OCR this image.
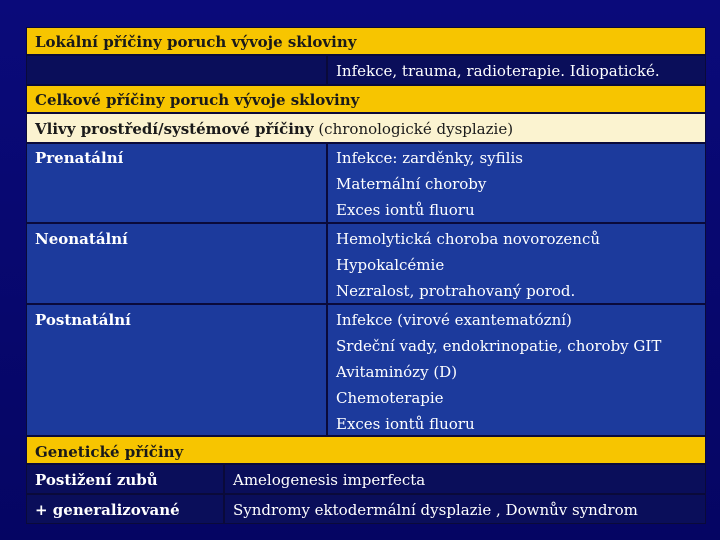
Lokální příčiny poruch vývoje skloviny
Infekce, trauma, radioterapie. Idiopatické.
Celkové příčiny poruch vývoje skloviny
Vlivy prostředí/systémové příčiny (chronologické dysplazie)
Prenatální	Infekce: zarděnky, syfilis
Maternální choroby
Exces iontů fluoru
Neonatální	Hemolytická choroba novorozenců
Hypokalcémie
Nezralost, protrahovaný porod.
Postnatální	Infekce (virové exantematózní)
Srdeční vady, endokrinopatie, choroby GIT
Avitaminózy (D)
Chemoterapie
Exces iontů fluoru
Genetické příčiny
Postižení zubů	Amelogenesis imperfecta
+ generalizované	Syndromy ektodermální dysplazie , Downův syndrom
